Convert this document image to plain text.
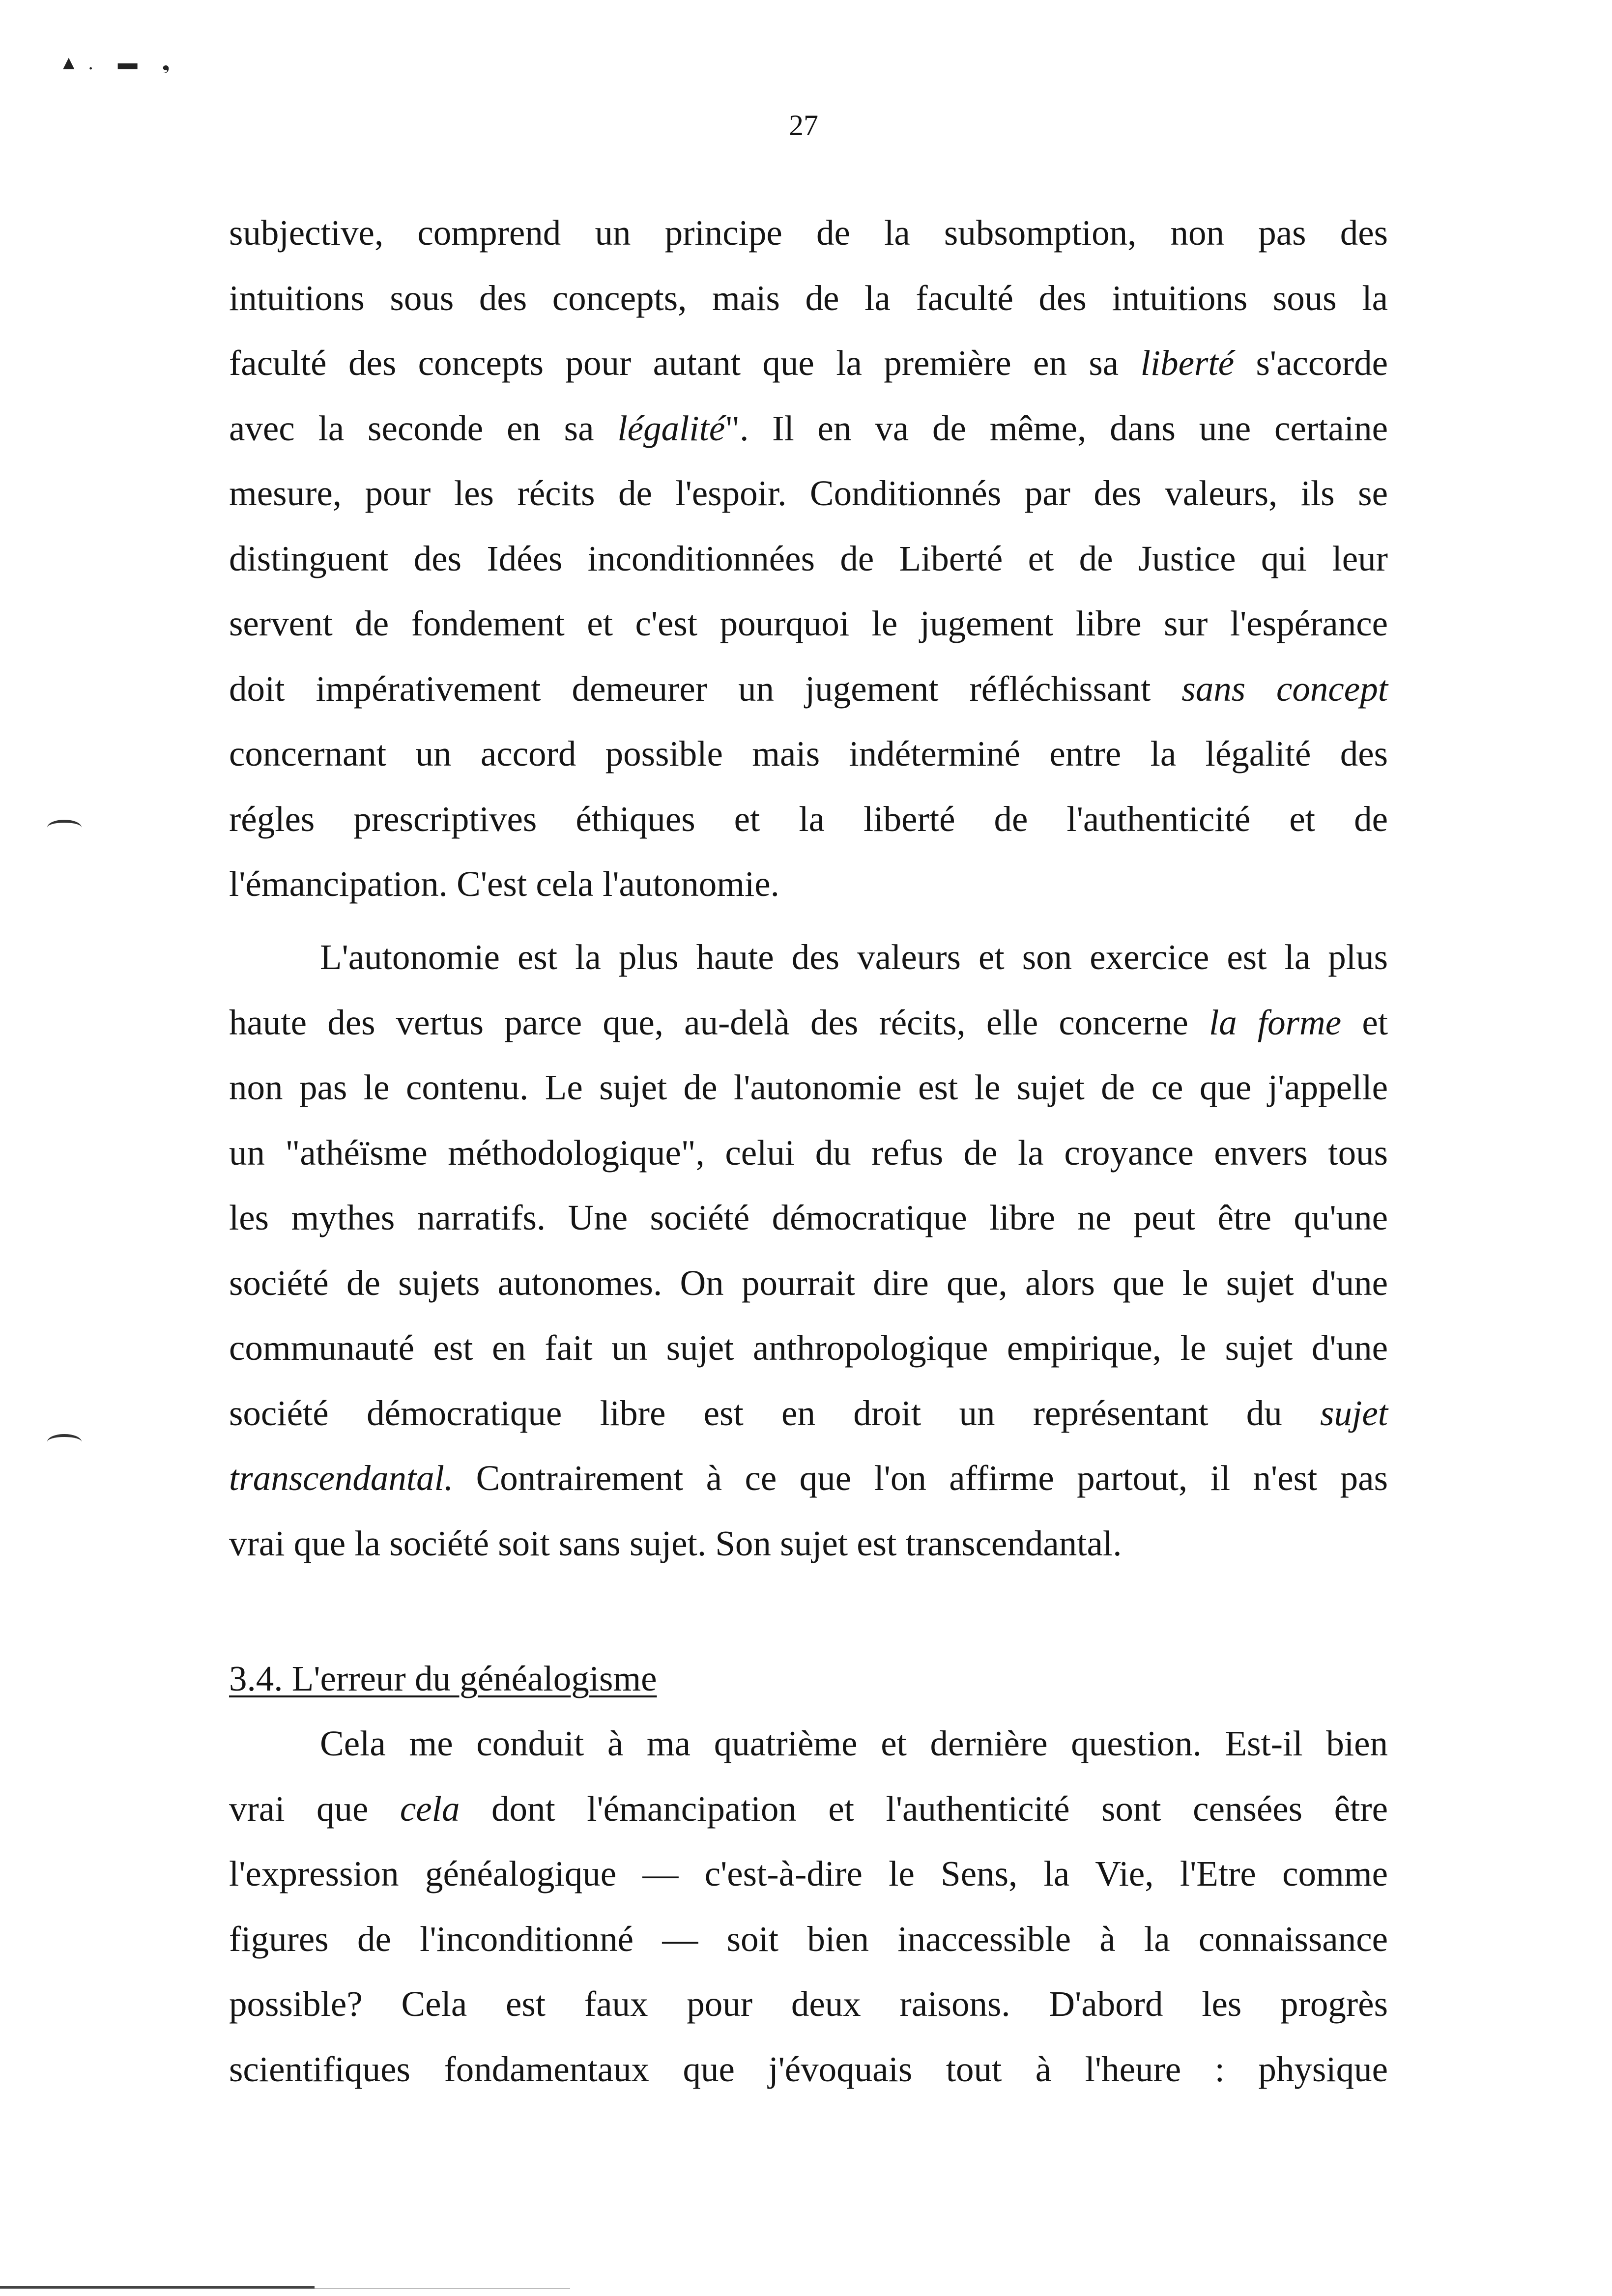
▲. ▬ ❟
27
subjective, comprend un principe de la subsomption, non pas des
intuitions sous des concepts, mais de la faculté des intuitions sous la
faculté des concepts pour autant que la première en sa liberté s'accorde
avec la seconde en sa légalité". Il en va de même, dans une certaine
mesure, pour les récits de l'espoir. Conditionnés par des valeurs, ils se
distinguent des Idées inconditionnées de Liberté et de Justice qui leur
servent de fondement et c'est pourquoi le jugement libre sur l'espérance
doit impérativement demeurer un jugement réfléchissant sans concept
concernant un accord possible mais indéterminé entre la légalité des
régles prescriptives éthiques et la liberté de l'authenticité et de
l'émancipation. C'est cela l'autonomie.
L'autonomie est la plus haute des valeurs et son exercice est la plus
haute des vertus parce que, au-delà des récits, elle concerne la forme et
non pas le contenu. Le sujet de l'autonomie est le sujet de ce que j'appelle
un "athéïsme méthodologique", celui du refus de la croyance envers tous
les mythes narratifs. Une société démocratique libre ne peut être qu'une
société de sujets autonomes. On pourrait dire que, alors que le sujet d'une
communauté est en fait un sujet anthropologique empirique, le sujet d'une
société démocratique libre est en droit un représentant du sujet
transcendantal. Contrairement à ce que l'on affirme partout, il n'est pas
vrai que la société soit sans sujet. Son sujet est transcendantal.
3.4. L'erreur du généalogisme
Cela me conduit à ma quatrième et dernière question. Est-il bien
vrai que cela dont l'émancipation et l'authenticité sont censées être
l'expression généalogique — c'est-à-dire le Sens, la Vie, l'Etre comme
figures de l'inconditionné — soit bien inaccessible à la connaissance
possible? Cela est faux pour deux raisons. D'abord les progrès
scientifiques fondamentaux que j'évoquais tout à l'heure : physique
